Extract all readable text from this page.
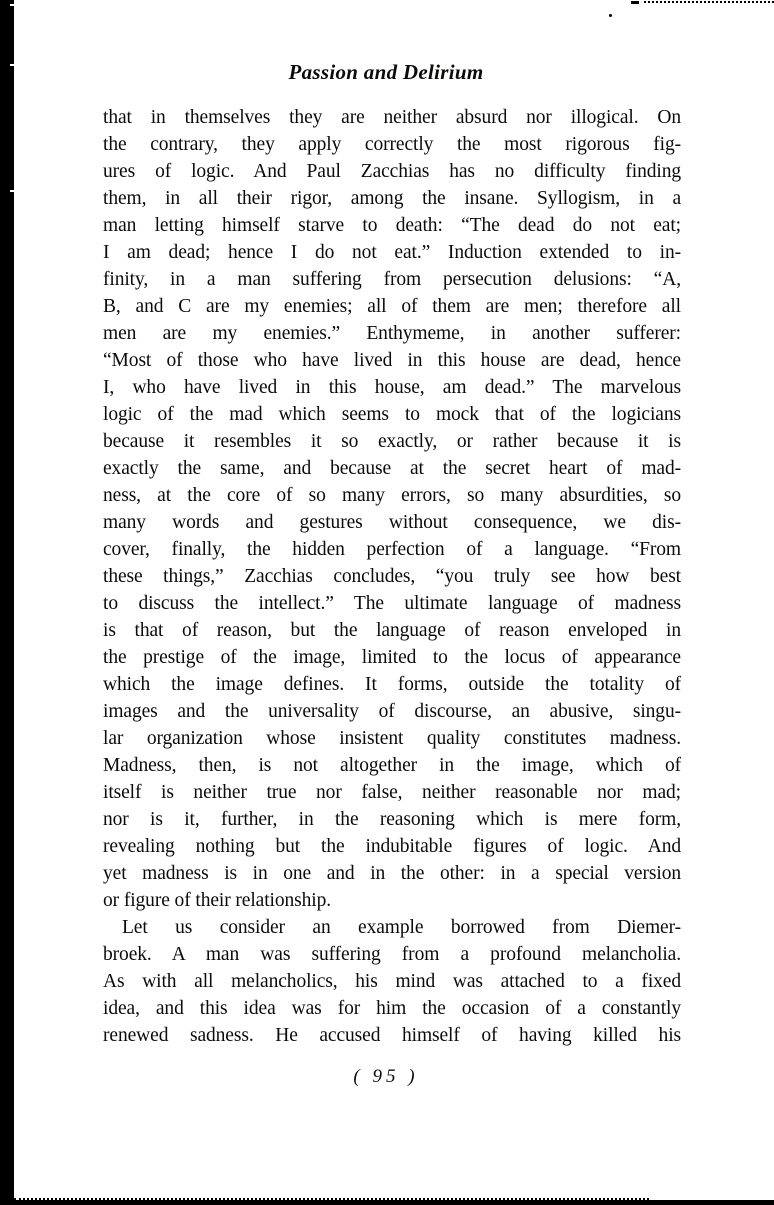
Passion and Delirium
that in themselves they are neither absurd nor illogical. On
the contrary, they apply correctly the most rigorous fig-
ures of logic. And Paul Zacchias has no difficulty finding
them, in all their rigor, among the insane. Syllogism, in a
man letting himself starve to death: “The dead do not eat;
I am dead; hence I do not eat.” Induction extended to in-
finity, in a man suffering from persecution delusions: “A,
B, and C are my enemies; all of them are men; therefore all
men are my enemies.” Enthymeme, in another sufferer:
“Most of those who have lived in this house are dead, hence
I, who have lived in this house, am dead.” The marvelous
logic of the mad which seems to mock that of the logicians
because it resembles it so exactly, or rather because it is
exactly the same, and because at the secret heart of mad-
ness, at the core of so many errors, so many absurdities, so
many words and gestures without consequence, we dis-
cover, finally, the hidden perfection of a language. “From
these things,” Zacchias concludes, “you truly see how best
to discuss the intellect.” The ultimate language of madness
is that of reason, but the language of reason enveloped in
the prestige of the image, limited to the locus of appearance
which the image defines. It forms, outside the totality of
images and the universality of discourse, an abusive, singu-
lar organization whose insistent quality constitutes madness.
Madness, then, is not altogether in the image, which of
itself is neither true nor false, neither reasonable nor mad;
nor is it, further, in the reasoning which is mere form,
revealing nothing but the indubitable figures of logic. And
yet madness is in one and in the other: in a special version
or figure of their relationship.
Let us consider an example borrowed from Diemer-
broek. A man was suffering from a profound melancholia.
As with all melancholics, his mind was attached to a fixed
idea, and this idea was for him the occasion of a constantly
renewed sadness. He accused himself of having killed his
( 95 )
